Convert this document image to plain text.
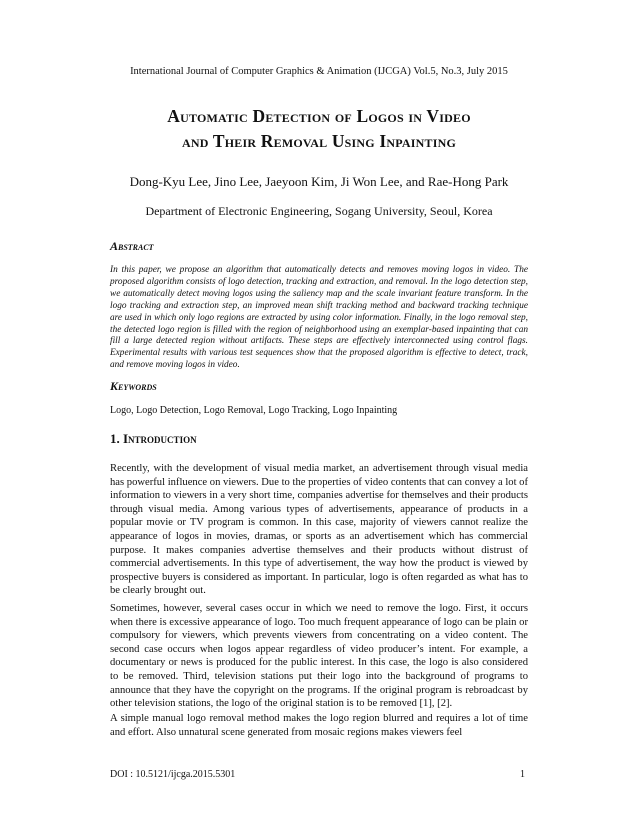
International Journal of Computer Graphics & Animation (IJCGA) Vol.5, No.3, July 2015
Automatic Detection of Logos in Video
and Their Removal Using Inpainting
Dong-Kyu Lee, Jino Lee, Jaeyoon Kim, Ji Won Lee, and Rae-Hong Park
Department of Electronic Engineering, Sogang University, Seoul, Korea
Abstract
In this paper, we propose an algorithm that automatically detects and removes moving logos in video. The proposed algorithm consists of logo detection, tracking and extraction, and removal. In the logo detection step, we automatically detect moving logos using the saliency map and the scale invariant feature transform. In the logo tracking and extraction step, an improved mean shift tracking method and backward tracking technique are used in which only logo regions are extracted by using color information. Finally, in the logo removal step, the detected logo region is filled with the region of neighborhood using an exemplar-based inpainting that can fill a large detected region without artifacts. These steps are effectively interconnected using control flags. Experimental results with various test sequences show that the proposed algorithm is effective to detect, track, and remove moving logos in video.
Keywords
Logo, Logo Detection, Logo Removal, Logo Tracking, Logo Inpainting
1. Introduction
Recently, with the development of visual media market, an advertisement through visual media has powerful influence on viewers. Due to the properties of video contents that can convey a lot of information to viewers in a very short time, companies advertise for themselves and their products through visual media. Among various types of advertisements, appearance of products in a popular movie or TV program is common. In this case, majority of viewers cannot realize the appearance of logos in movies, dramas, or sports as an advertisement which has commercial purpose. It makes companies advertise themselves and their products without distrust of commercial advertisements. In this type of advertisement, the way how the product is viewed by prospective buyers is considered as important. In particular, logo is often regarded as what has to be clearly brought out.
Sometimes, however, several cases occur in which we need to remove the logo. First, it occurs when there is excessive appearance of logo. Too much frequent appearance of logo can be plain or compulsory for viewers, which prevents viewers from concentrating on a video content. The second case occurs when logos appear regardless of video producer’s intent. For example, a documentary or news is produced for the public interest. In this case, the logo is also considered to be removed. Third, television stations put their logo into the background of programs to announce that they have the copyright on the programs. If the original program is rebroadcast by other television stations, the logo of the original station is to be removed [1], [2].
A simple manual logo removal method makes the logo region blurred and requires a lot of time and effort. Also unnatural scene generated from mosaic regions makes viewers feel
DOI : 10.5121/ijcga.2015.5301	1
